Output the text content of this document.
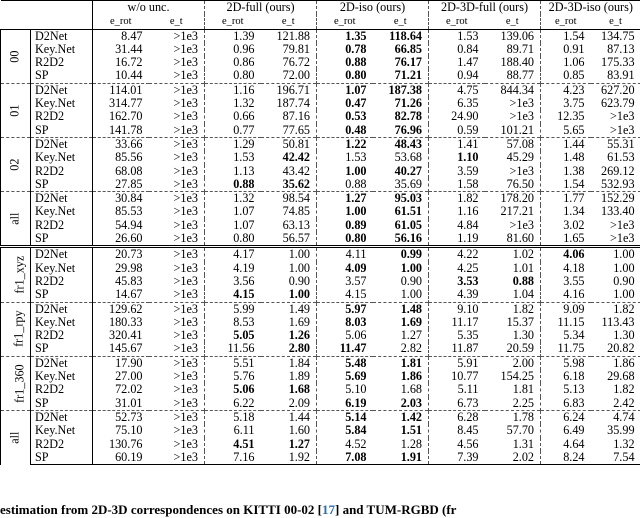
		w/o unc.		2D-full (ours)		2D-iso (ours)		2D-3D-full (ours)		2D-3D-iso (ours)	
		e_rot	e_t	e_rot	e_t	e_rot	e_t	e_rot	e_t	e_rot	e_t
00	D2Net	8.47	>1e3	1.39	121.88	1.35	118.64	1.53	139.06	1.54	134.75
	Key.Net	31.44	>1e3	0.96	79.81	0.78	66.85	0.84	89.71	0.91	87.13
	R2D2	16.72	>1e3	0.86	76.72	0.88	76.17	1.47	188.40	1.06	175.33
	SP	10.44	>1e3	0.80	72.00	0.80	71.21	0.94	88.77	0.85	83.91
01	D2Net	114.01	>1e3	1.16	196.71	1.07	187.38	4.75	844.34	4.23	627.20
	Key.Net	314.77	>1e3	1.32	187.74	0.47	71.26	6.35	>1e3	3.75	623.79
	R2D2	162.70	>1e3	0.66	87.16	0.53	82.78	24.90	>1e3	12.35	>1e3
	SP	141.78	>1e3	0.77	77.65	0.48	76.96	0.59	101.21	5.65	>1e3
02	D2Net	33.66	>1e3	1.29	50.81	1.22	48.43	1.41	57.08	1.44	55.31
	Key.Net	85.56	>1e3	1.53	42.42	1.53	53.68	1.10	45.29	1.48	61.53
	R2D2	68.08	>1e3	1.13	43.42	1.00	40.27	3.59	>1e3	1.38	269.12
	SP	27.85	>1e3	0.88	35.62	0.88	35.69	1.58	76.50	1.54	532.93
all	D2Net	30.84	>1e3	1.32	98.54	1.27	95.03	1.82	178.20	1.77	152.29
	Key.Net	85.53	>1e3	1.07	74.85	1.00	61.51	1.16	217.21	1.34	133.40
	R2D2	54.94	>1e3	1.07	63.13	0.89	61.05	4.84	>1e3	3.02	>1e3
	SP	26.60	>1e3	0.80	56.57	0.80	56.16	1.19	81.60	1.65	>1e3
fr1_xyz	D2Net	20.73	>1e3	4.17	1.00	4.11	0.99	4.22	1.02	4.06	1.00
	Key.Net	29.98	>1e3	4.19	1.00	4.09	1.00	4.25	1.01	4.18	1.00
	R2D2	45.83	>1e3	3.56	0.90	3.57	0.90	3.53	0.88	3.55	0.90
	SP	14.67	>1e3	4.15	1.00	4.15	1.00	4.39	1.04	4.16	1.00
fr1_rpy	D2Net	129.62	>1e3	5.99	1.49	5.97	1.48	9.10	1.82	9.09	1.82
	Key.Net	180.33	>1e3	8.53	1.69	8.03	1.69	11.17	15.37	11.15	113.43
	R2D2	320.41	>1e3	5.05	1.26	5.06	1.27	5.35	1.30	5.34	1.30
	SP	145.67	>1e3	11.56	2.80	11.47	2.82	11.87	20.59	11.75	20.82
fr1_360	D2Net	17.90	>1e3	5.51	1.84	5.48	1.81	5.91	2.00	5.98	1.86
	Key.Net	27.00	>1e3	5.76	1.89	5.69	1.86	10.77	154.25	6.18	29.68
	R2D2	72.02	>1e3	5.06	1.68	5.10	1.68	5.11	1.81	5.13	1.82
	SP	31.01	>1e3	6.22	2.09	6.19	2.03	6.73	2.25	6.83	2.42
all	D2Net	52.73	>1e3	5.18	1.44	5.14	1.42	6.28	1.78	6.24	4.74
	Key.Net	75.10	>1e3	6.11	1.60	5.84	1.51	8.45	57.70	6.49	35.99
	R2D2	130.76	>1e3	4.51	1.27	4.52	1.28	4.56	1.31	4.64	1.32
	SP	60.19	>1e3	7.16	1.92	7.08	1.91	7.39	2.02	8.24	7.54
estimation from 2D-3D correspondences on KITTI 00-02 [17] and TUM-RGBD (fr
